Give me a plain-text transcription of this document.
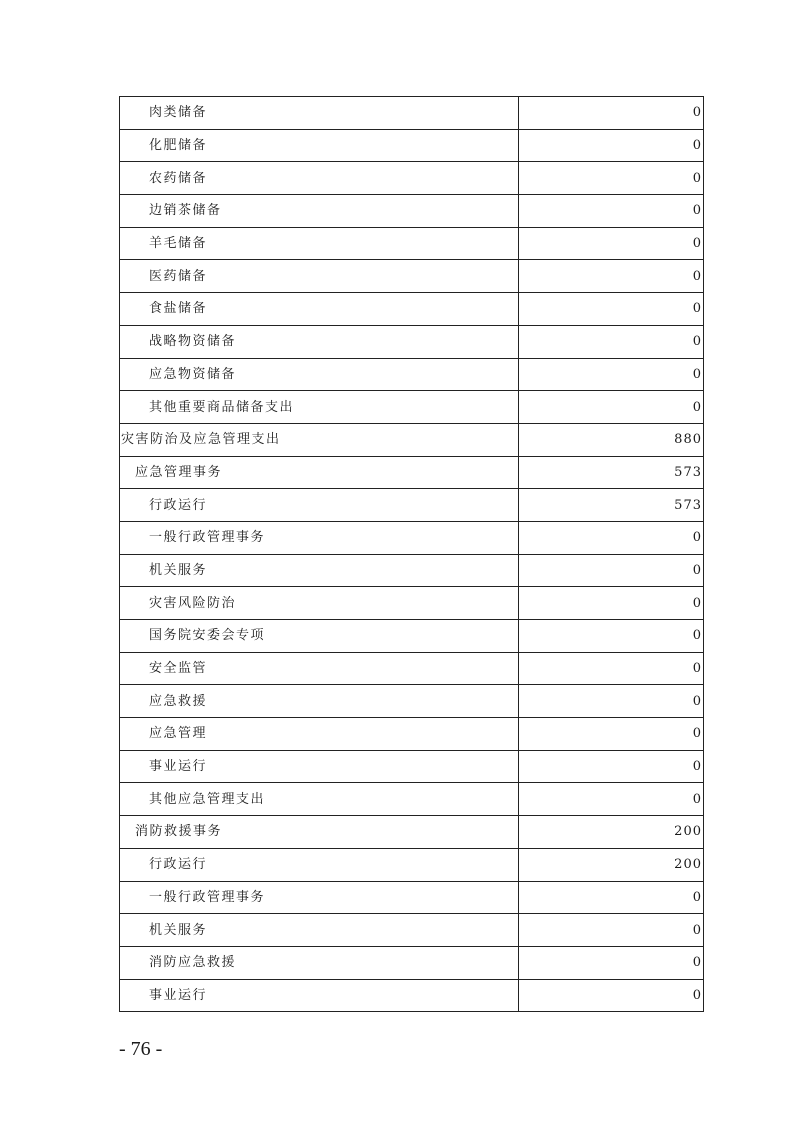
肉类储备	0
化肥储备	0
农药储备	0
边销茶储备	0
羊毛储备	0
医药储备	0
食盐储备	0
战略物资储备	0
应急物资储备	0
其他重要商品储备支出	0
灾害防治及应急管理支出	880
应急管理事务	573
行政运行	573
一般行政管理事务	0
机关服务	0
灾害风险防治	0
国务院安委会专项	0
安全监管	0
应急救援	0
应急管理	0
事业运行	0
其他应急管理支出	0
消防救援事务	200
行政运行	200
一般行政管理事务	0
机关服务	0
消防应急救援	0
事业运行	0
- 76 -
